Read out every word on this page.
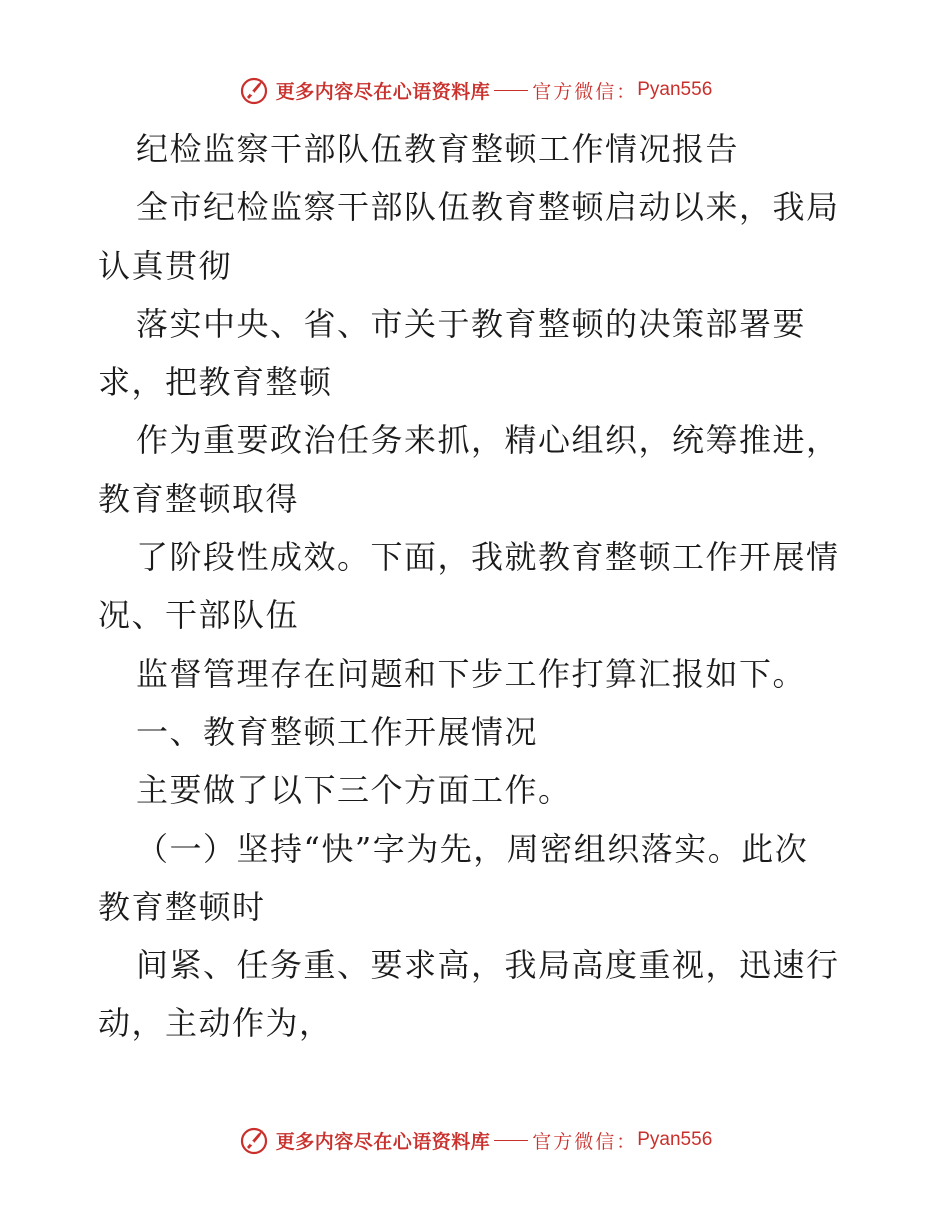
更多内容尽在心语资料库 官方微信： Pyan556
纪检监察干部队伍教育整顿工作情况报告
全市纪检监察干部队伍教育整顿启动以来，我局
认真贯彻
落实中央、省、市关于教育整顿的决策部署要
求，把教育整顿
作为重要政治任务来抓，精心组织，统筹推进，
教育整顿取得
了阶段性成效。下面，我就教育整顿工作开展情
况、干部队伍
监督管理存在问题和下步工作打算汇报如下。
一、教育整顿工作开展情况
主要做了以下三个方面工作。
（一）坚持“快”字为先，周密组织落实。此次
教育整顿时
间紧、任务重、要求高，我局高度重视，迅速行
动，主动作为，
更多内容尽在心语资料库 官方微信： Pyan556
